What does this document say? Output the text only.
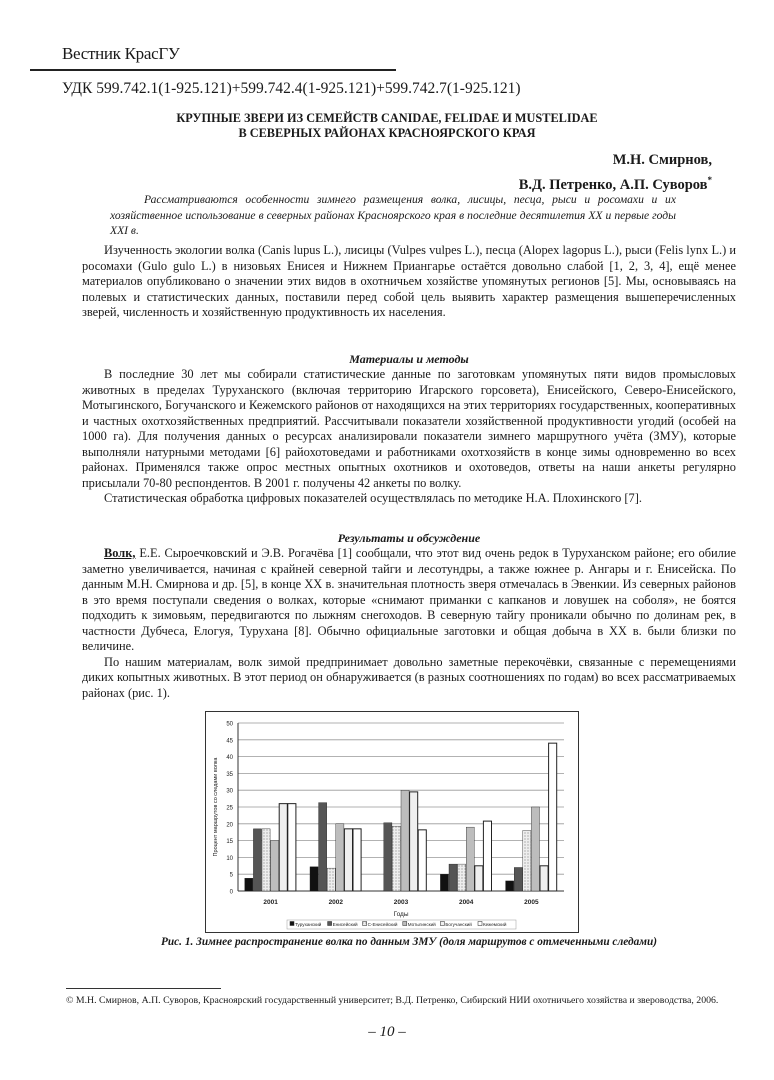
Вестник КрасГУ
УДК 599.742.1(1-925.121)+599.742.4(1-925.121)+599.742.7(1-925.121)
КРУПНЫЕ ЗВЕРИ ИЗ СЕМЕЙСТВ CANIDAE, FELIDAE И MUSTELIDAE
В СЕВЕРНЫХ РАЙОНАХ КРАСНОЯРСКОГО КРАЯ
М.Н. Смирнов,
В.Д. Петренко, А.П. Суворов*
Рассматриваются особенности зимнего размещения волка, лисицы, песца, рыси и росомахи и их хозяйственное использование в северных районах Красноярского края в последние десятилетия XX и первые годы XXI в.

Изученность экологии волка (Canis lupus L.), лисицы (Vulpes vulpes L.), песца (Alopex lagopus L.), рыси (Felis lynx L.) и росомахи (Gulo gulo L.) в низовьях Енисея и Нижнем Приангарье остаётся довольно слабой [1, 2, 3, 4], ещё менее материалов опубликовано о значении этих видов в охотничьем хозяйстве упомянутых регионов [5]. Мы, основываясь на полевых и статистических данных, поставили перед собой цель выявить характер размещения вышеперечисленных зверей, численность и хозяйственную продуктивность их населения.

Материалы и методы

В последние 30 лет мы собирали статистические данные по заготовкам упомянутых пяти видов промысловых животных в пределах Туруханского (включая территорию Игарского горсовета), Енисейского, Северо-Енисейского, Мотыгинского, Богучанского и Кежемского районов от находящихся на этих территориях государственных, кооперативных и частных охотхозяйственных предприятий. Рассчитывали показатели хозяйственной продуктивности угодий (особей на 1000 га). Для получения данных о ресурсах анализировали показатели зимнего маршрутного учёта (ЗМУ), которые выполняли натурными методами [6] райохотоведами и работниками охотхозяйств в конце зимы одновременно во всех районах. Применялся также опрос местных опытных охотников и охотоведов, ответы на наши анкеты регулярно присылали 70-80 респондентов. В 2001 г. получены 42 анкеты по волку.

Статистическая обработка цифровых показателей осуществлялась по методике Н.А. Плохинского [7].

Результаты и обсуждение

Волк, Е.Е. Сыроечковский и Э.В. Рогачёва [1] сообщали, что этот вид очень редок в Туруханском районе; его обилие заметно увеличивается, начиная с крайней северной тайги и лесотундры, а также южнее р. Ангары и г. Енисейска. По данным М.Н. Смирнова и др. [5], в конце XX в. значительная плотность зверя отмечалась в Эвенкии. Из северных районов в это время поступали сведения о волках, которые «снимают приманки с капканов и ловушек на соболя», не боятся подходить к зимовьям, передвигаются по лыжням снегоходов. В северную тайгу проникали обычно по долинам рек, в частности Дубчеса, Елогуя, Турухана [8]. Обычно официальные заготовки и общая добыча в XX в. были близки по величине.

По нашим материалам, волк зимой предпринимает довольно заметные перекочёвки, связанные с перемещениями диких копытных животных. В этот период он обнаруживается (в разных соотношениях по годам) во всех рассматриваемых районах (рис. 1).

0
5
10
15
20
25
30
35
40
45
50
2001	2002	2003	2004	2005
Годы
Процент маршрутов со следами волка
Туруханский Енисейский С-Енисейский Мотыгинский Богучанский Кежемский
Рис. 1. Зимнее распространение волка по данным ЗМУ (доля маршрутов с отмеченными следами)
© М.Н. Смирнов, А.П. Суворов, Красноярский государственный университет; В.Д. Петренко, Сибирский НИИ охотничьего хозяйства и звероводства, 2006.
– 10 –
